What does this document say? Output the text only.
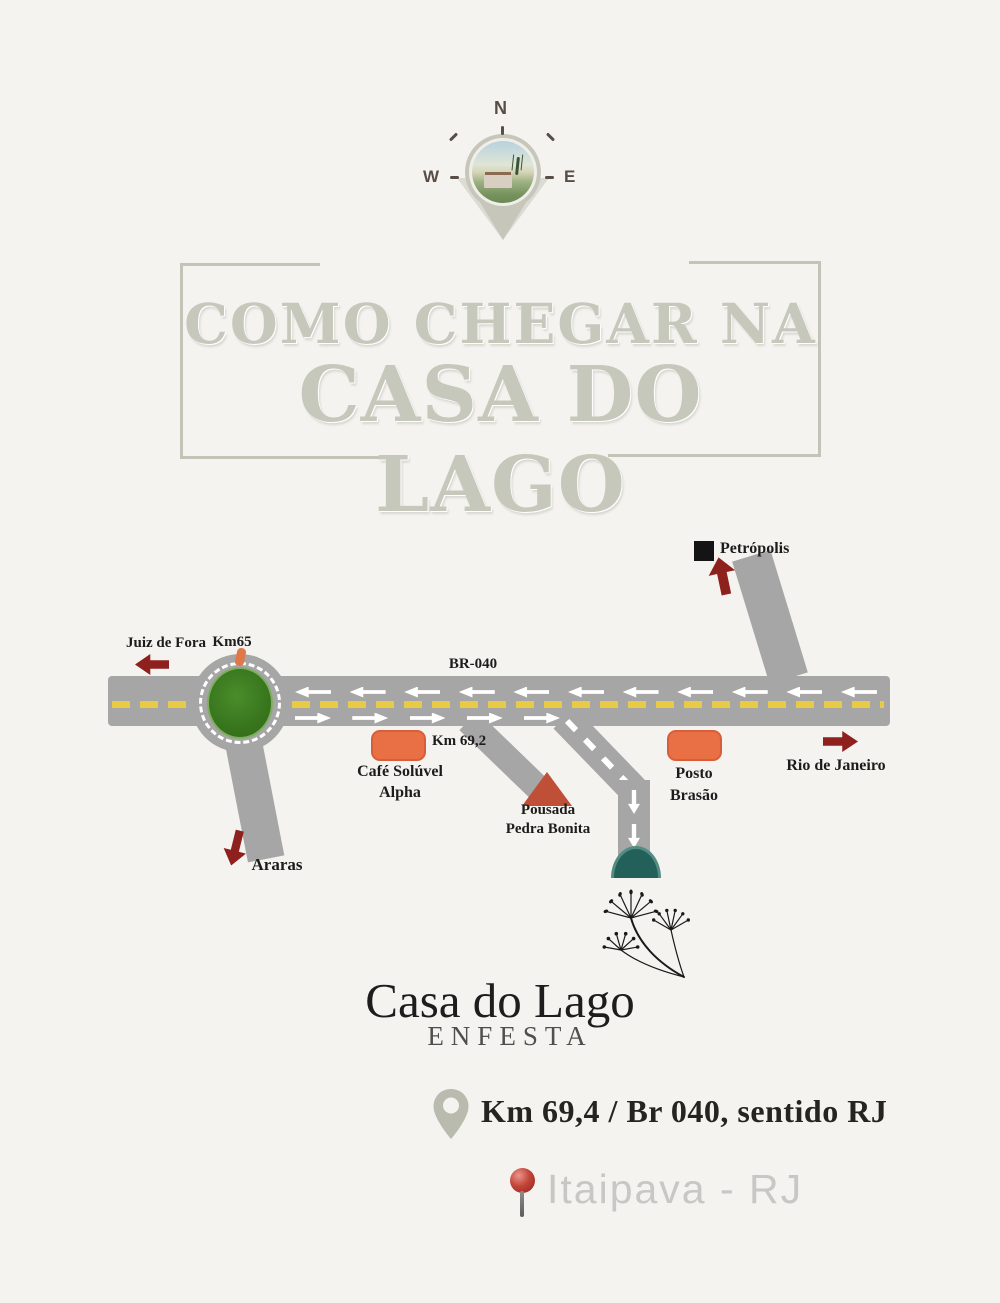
N
W	E
COMO CHEGAR NA
CASA DO LAGO
Juiz de Fora Km65
Petrópolis
BR-040
Km 69,2
Café Solúvel
Alpha
Pousada
Pedra Bonita
Posto
Brasão
Rio de Janeiro
Araras
Casa do Lago
ENFESTA
Km 69,4 / Br 040, sentido RJ
Itaipava - RJ
